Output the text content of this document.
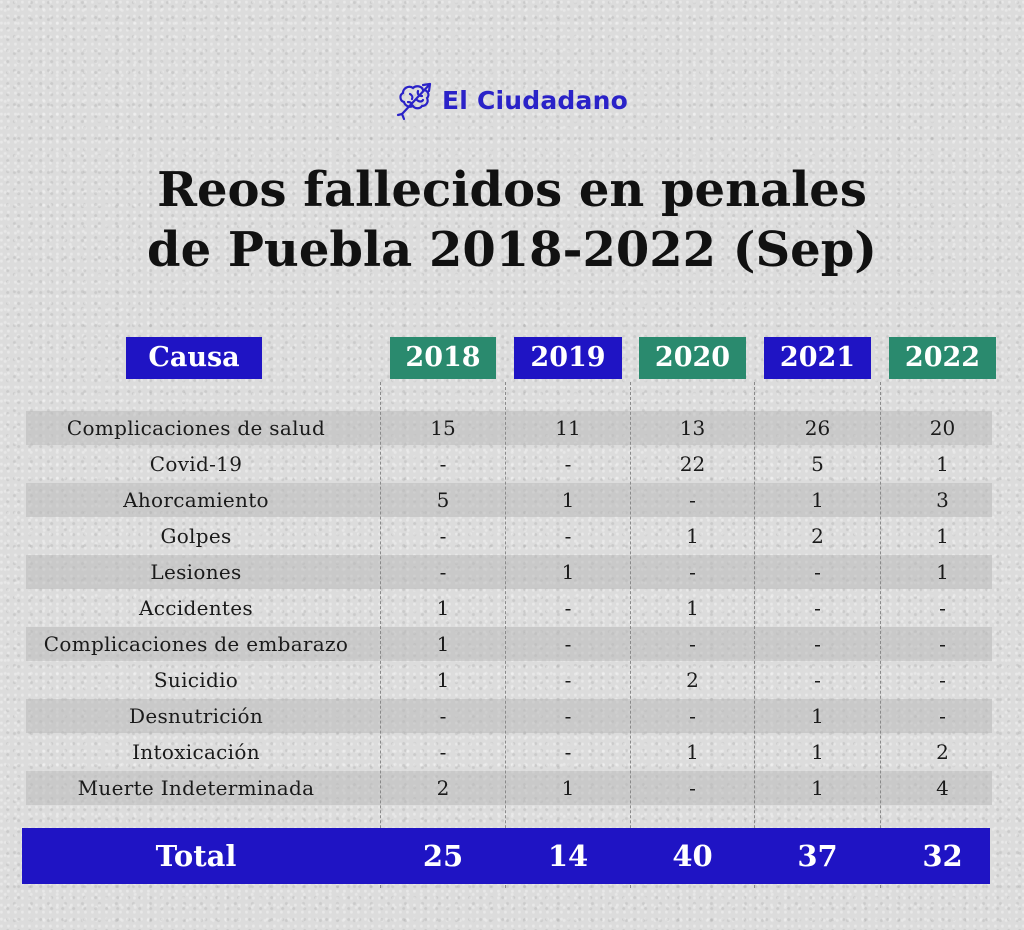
El Ciudadano
Reos fallecidos en penales
de Puebla 2018-2022 (Sep)
Causa	2018	2019	2020	2021	2022
Complicaciones de salud	15	11	13	26	20
Covid-19	-	-	22	5	1
Ahorcamiento	5	1	-	1	3
Golpes	-	-	1	2	1
Lesiones	-	1	-	-	1
Accidentes	1	-	1	-	-
Complicaciones de embarazo	1	-	-	-	-
Suicidio	1	-	2	-	-
Desnutrición	-	-	-	1	-
Intoxicación	-	-	1	1	2
Muerte Indeterminada	2	1	-	1	4
Total	25	14	40	37	32
